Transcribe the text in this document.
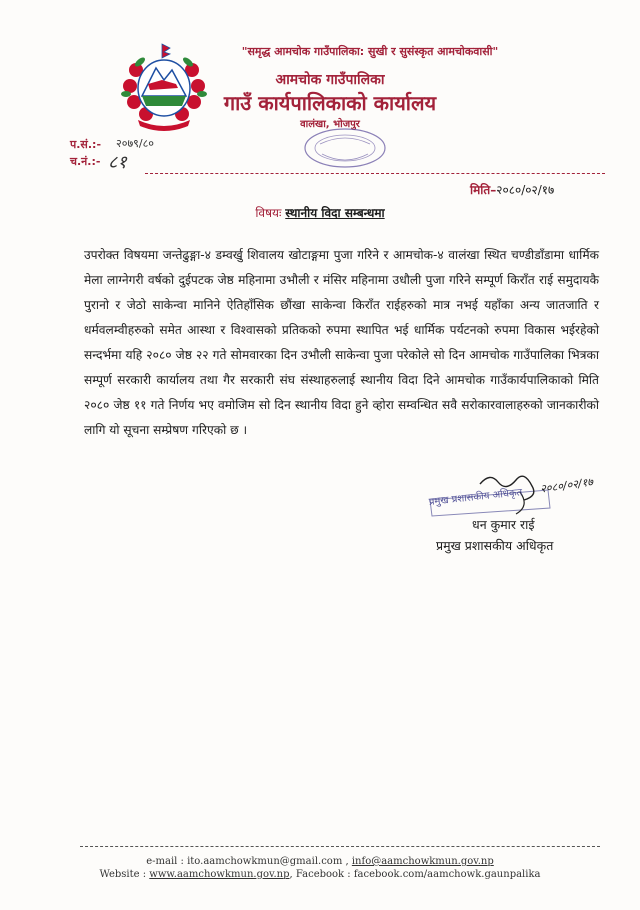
"समृद्ध आमचोक गाउँपालिका: सुखी र सुसंस्कृत आमचोकवासी"
आमचोक गाउँपालिका
गाउँ कार्यपालिकाको कार्यालय
वालंखा, भोजपुर
प.सं.:- २०७९/८०
च.नं.:- ८१
मिति–२०८०/०२/१७
विषयः स्थानीय विदा सम्बन्धमा
उपरोक्त विषयमा जन्तेढुङ्गा-४ डम्वर्खु शिवालय खोटाङ्गमा पुजा गरिने र आमचोक-४ वालंखा स्थित चण्डीडाँडामा धार्मिक मेला लाग्नेगरी वर्षको दुईपटक जेष्ठ महिनामा उभौली र मंसिर महिनामा उधौली पुजा गरिने सम्पूर्ण किराँत राई समुदायकै पुरानो र जेठो साकेन्वा मानिने ऐतिहाँसिक छौंखा साकेन्वा किराँत राईहरुको मात्र नभई यहाँका अन्य जातजाति र धर्मवलम्वीहरुको समेत आस्था र विश्वासको प्रतिकको रुपमा स्थापित भई धार्मिक पर्यटनको रुपमा विकास भईरहेको सन्दर्भमा यहि २०८० जेष्ठ २२ गते सोमवारका दिन उभौली साकेन्वा पुजा परेकोले सो दिन आमचोक गाउँपालिका भित्रका सम्पूर्ण सरकारी कार्यालय तथा गैर सरकारी संघ संस्थाहरुलाई स्थानीय विदा दिने आमचोक गाउँकार्यपालिकाको मिति २०८० जेष्ठ ११ गते निर्णय भए वमोजिम सो दिन स्थानीय विदा हुने व्होरा सम्वन्धित सवै सरोकारवालाहरुको जानकारीको लागि यो सूचना सम्प्रेषण गरिएको छ ।
प्रमुख प्रशासकीय अधिकृत
२०८०/०२/१७
धन कुमार राई
प्रमुख प्रशासकीय अधिकृत
e-mail : ito.aamchowkmun@gmail.com , info@aamchowkmun.gov.np
Website : www.aamchowkmun.gov.np, Facebook : facebook.com/aamchowk.gaunpalika
